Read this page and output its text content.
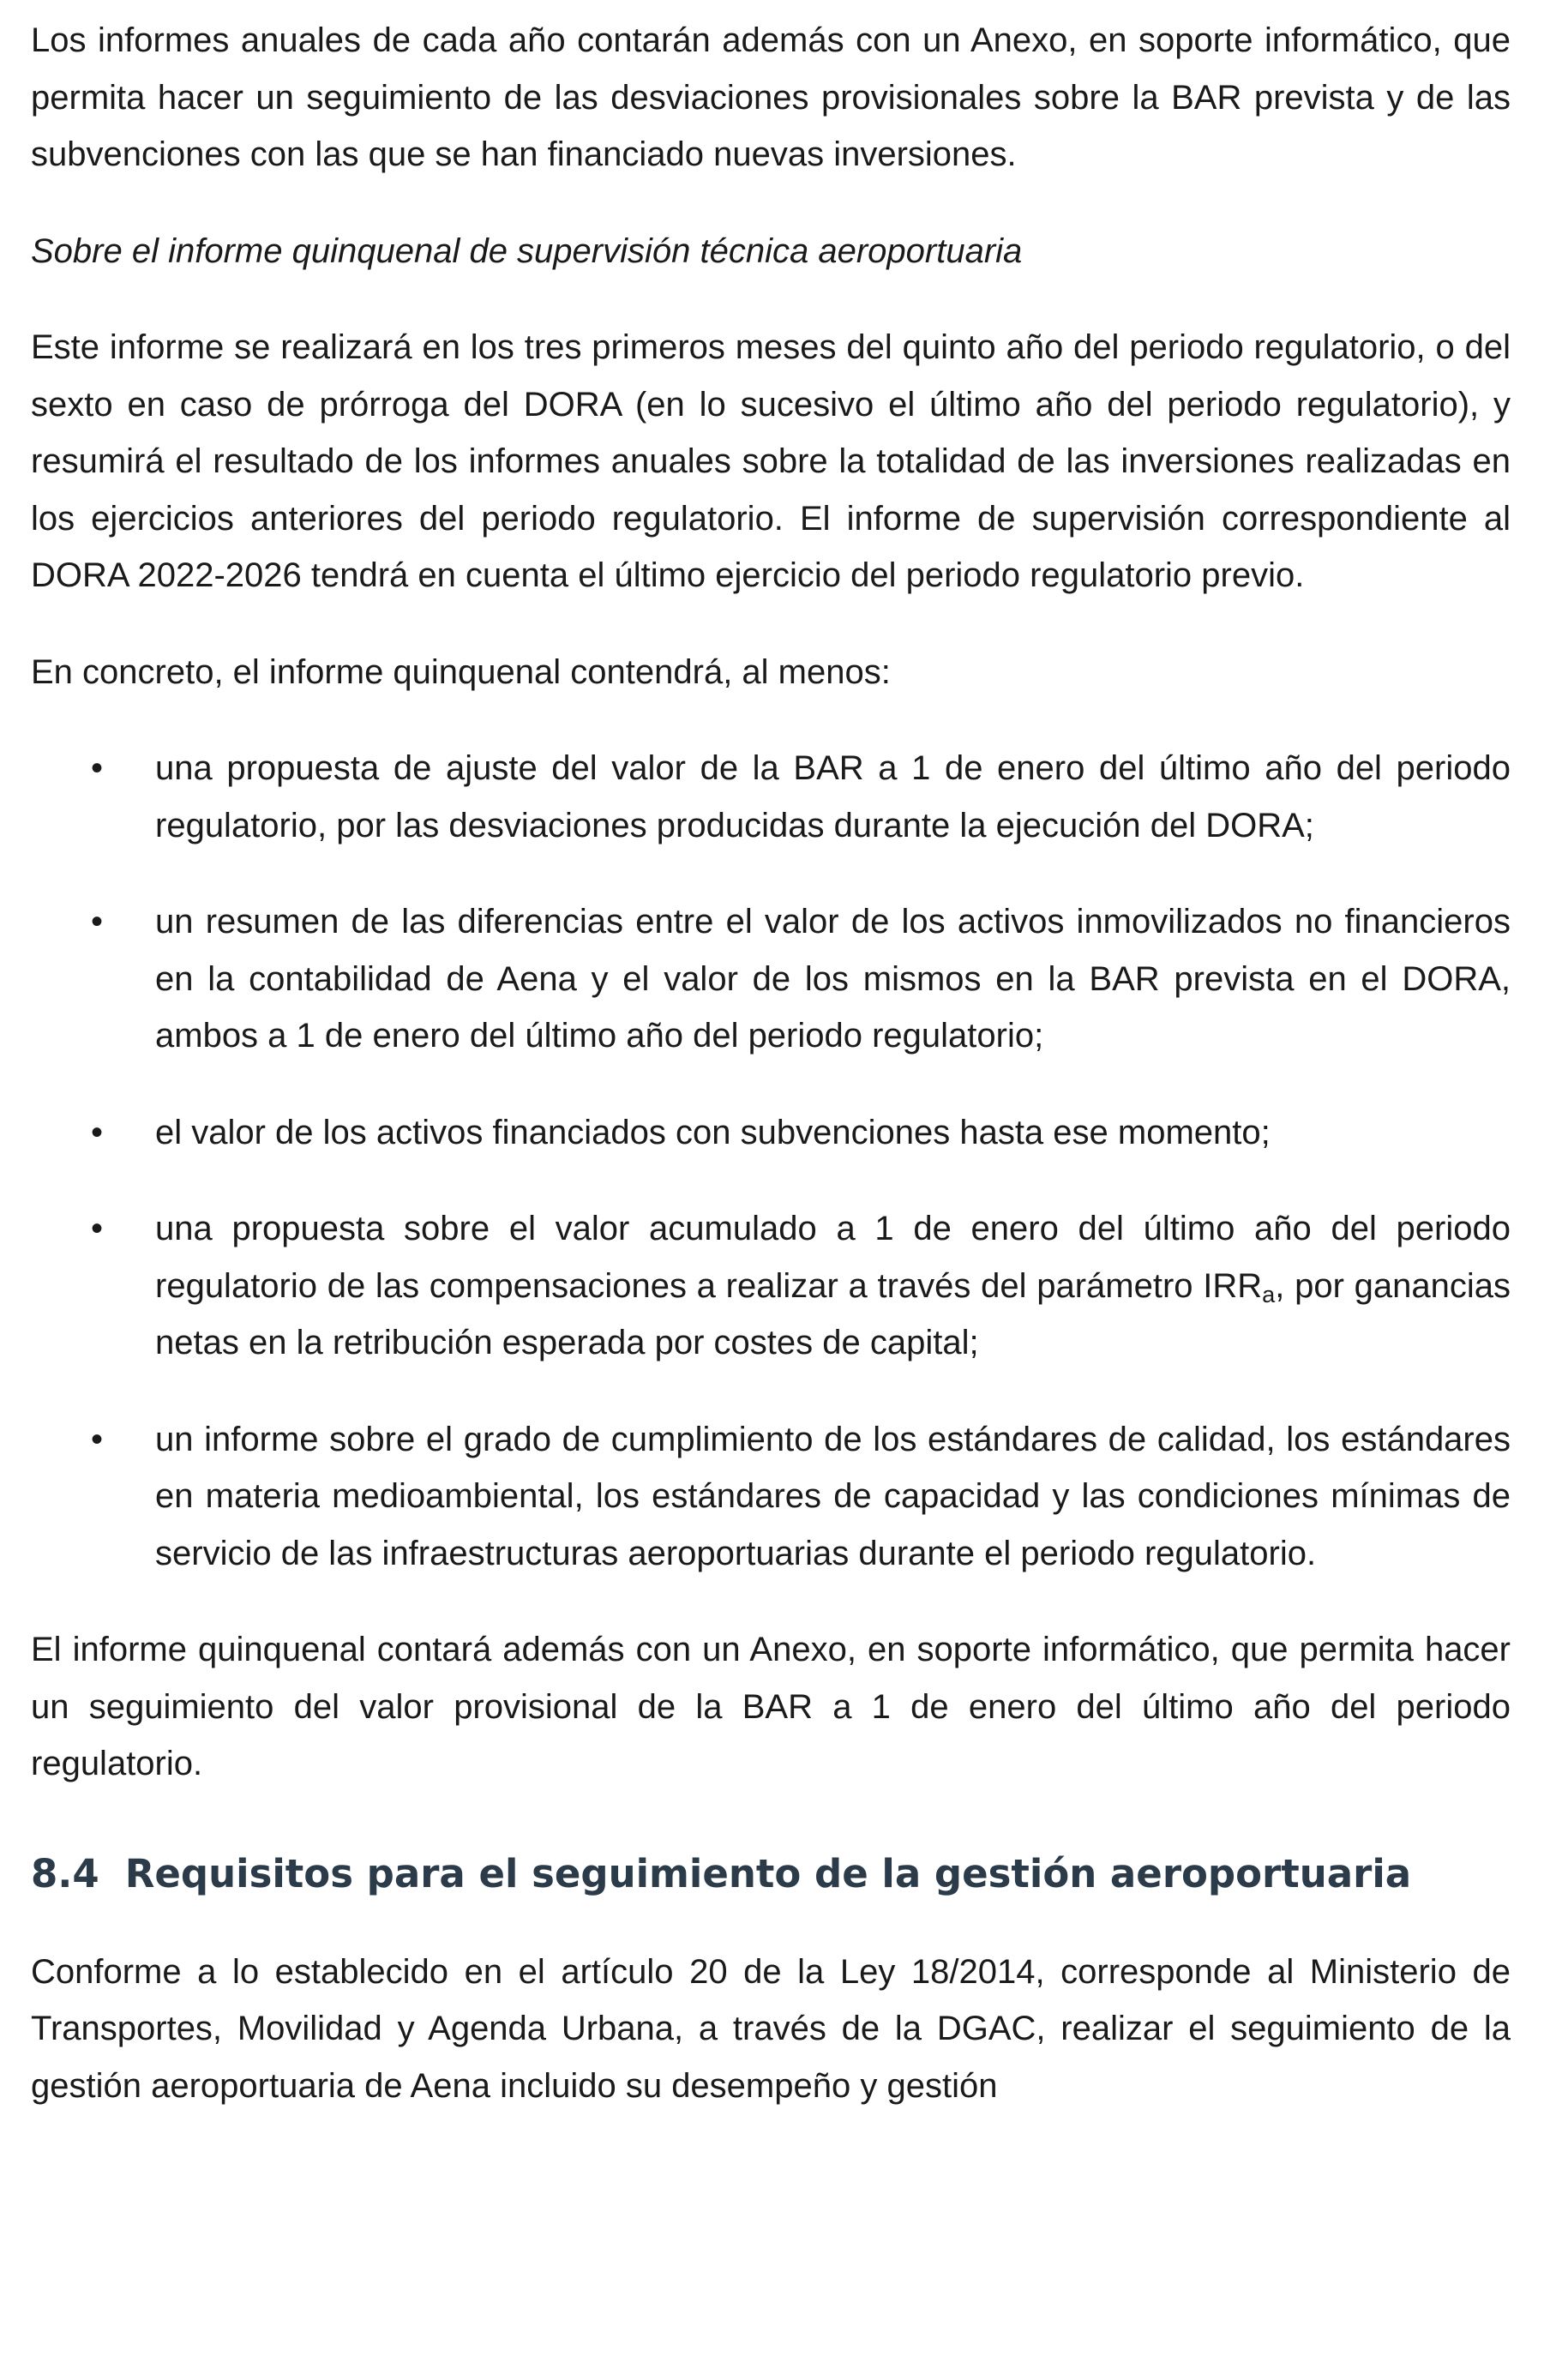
Los informes anuales de cada año contarán además con un Anexo, en soporte informático, que permita hacer un seguimiento de las desviaciones provisionales sobre la BAR prevista y de las subvenciones con las que se han financiado nuevas inversiones.

Sobre el informe quinquenal de supervisión técnica aeroportuaria

Este informe se realizará en los tres primeros meses del quinto año del periodo regulatorio, o del sexto en caso de prórroga del DORA (en lo sucesivo el último año del periodo regulatorio), y resumirá el resultado de los informes anuales sobre la totalidad de las inversiones realizadas en los ejercicios anteriores del periodo regulatorio. El informe de supervisión correspondiente al DORA 2022-2026 tendrá en cuenta el último ejercicio del periodo regulatorio previo.

En concreto, el informe quinquenal contendrá, al menos:

• una propuesta de ajuste del valor de la BAR a 1 de enero del último año del periodo regulatorio, por las desviaciones producidas durante la ejecución del DORA;
• un resumen de las diferencias entre el valor de los activos inmovilizados no financieros en la contabilidad de Aena y el valor de los mismos en la BAR prevista en el DORA, ambos a 1 de enero del último año del periodo regulatorio;
• el valor de los activos financiados con subvenciones hasta ese momento;
• una propuesta sobre el valor acumulado a 1 de enero del último año del periodo regulatorio de las compensaciones a realizar a través del parámetro $IRR_a$, por ganancias netas en la retribución esperada por costes de capital;
• un informe sobre el grado de cumplimiento de los estándares de calidad, los estándares en materia medioambiental, los estándares de capacidad y las condiciones mínimas de servicio de las infraestructuras aeroportuarias durante el periodo regulatorio.

El informe quinquenal contará además con un Anexo, en soporte informático, que permita hacer un seguimiento del valor provisional de la BAR a 1 de enero del último año del periodo regulatorio.

8.4 Requisitos para el seguimiento de la gestión aeroportuaria

Conforme a lo establecido en el artículo 20 de la Ley 18/2014, corresponde al Ministerio de Transportes, Movilidad y Agenda Urbana, a través de la DGAC, realizar el seguimiento de la gestión aeroportuaria de Aena incluido su desempeño y gestión
